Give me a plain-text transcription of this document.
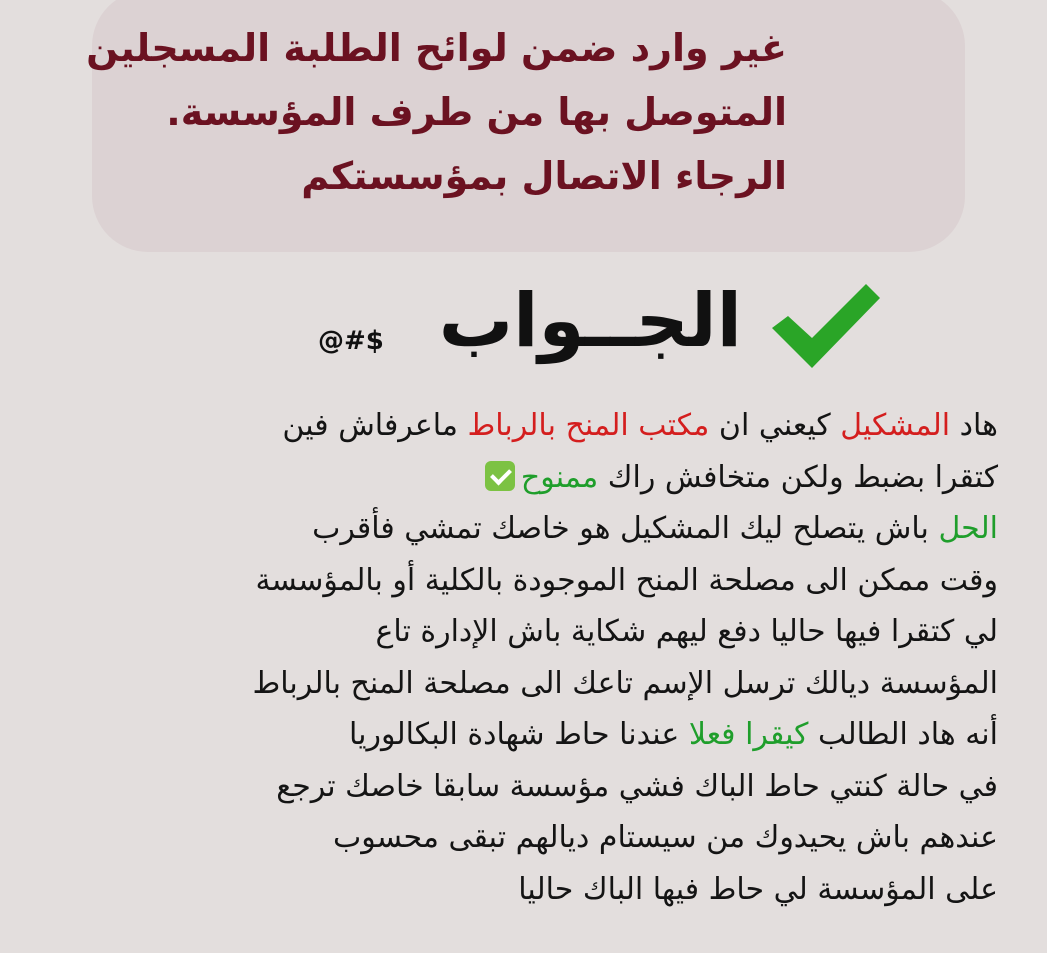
غير وارد ضمن لوائح الطلبة المسجلين
المتوصل بها من طرف المؤسسة.
الرجاء الاتصال بمؤسستكم
الجــواب
@#$
هاد المشكيل كيعني ان مكتب المنح بالرباط ماعرفاش فين
كتقرا بضبط ولكن متخافش راك ممنوح
الحل باش يتصلح ليك المشكيل هو خاصك تمشي فأقرب
وقت ممكن الى مصلحة المنح الموجودة بالكلية أو بالمؤسسة
لي كتقرا فيها حاليا دفع ليهم شكاية باش الإدارة تاع
المؤسسة ديالك ترسل الإسم تاعك الى مصلحة المنح بالرباط
أنه هاد الطالب كيقرا فعلا عندنا حاط شهادة البكالوريا
في حالة كنتي حاط الباك فشي مؤسسة سابقا خاصك ترجع
عندهم باش يحيدوك من سيستام ديالهم تبقى محسوب
على المؤسسة لي حاط فيها الباك حاليا
